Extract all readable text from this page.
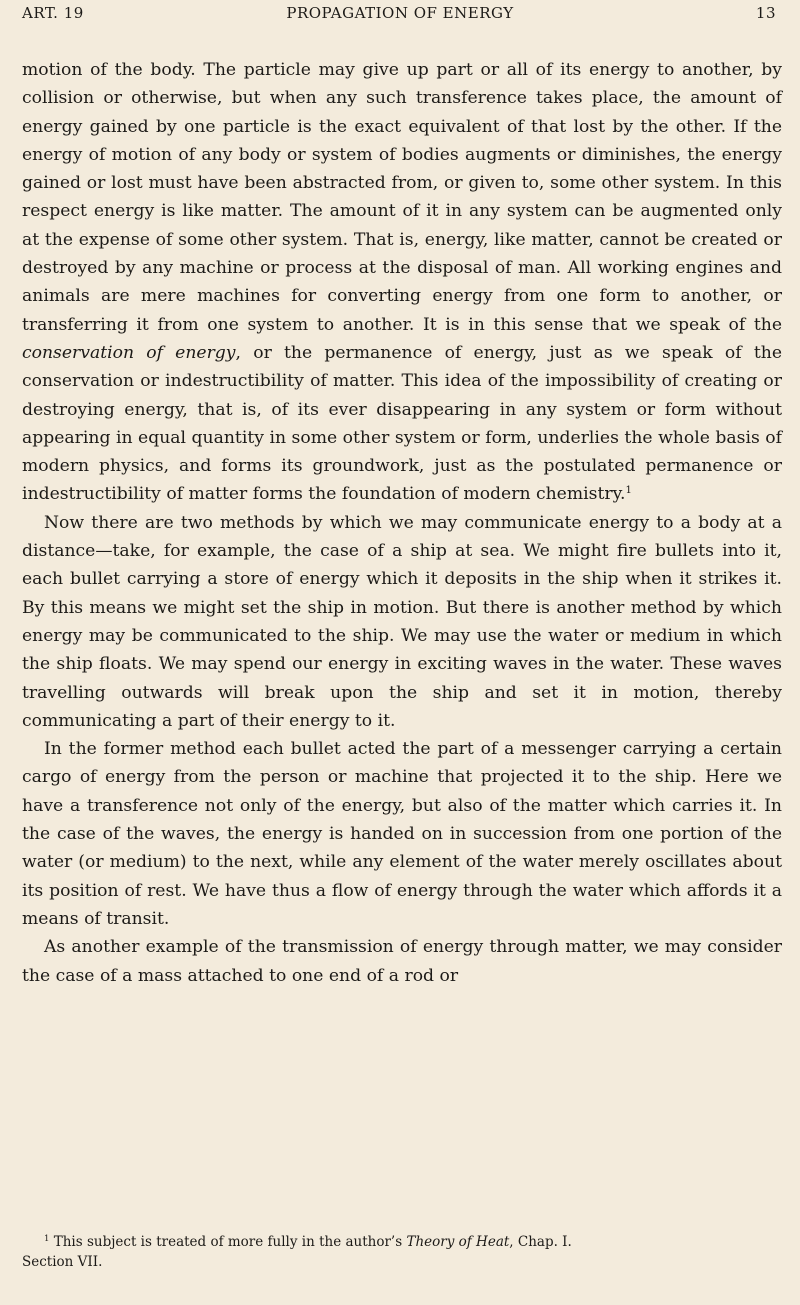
ART. 19	PROPAGATION OF ENERGY	13

motion of the body. The particle may give up part or all of its energy to another, by collision or otherwise, but when any such transference takes place, the amount of energy gained by one particle is the exact equivalent of that lost by the other. If the energy of motion of any body or system of bodies augments or diminishes, the energy gained or lost must have been abstracted from, or given to, some other system. In this respect energy is like matter. The amount of it in any system can be augmented only at the expense of some other system. That is, energy, like matter, cannot be created or destroyed by any machine or process at the disposal of man. All working engines and animals are mere machines for converting energy from one form to another, or transferring it from one system to another. It is in this sense that we speak of the conservation of energy, or the permanence of energy, just as we speak of the conservation or indestructibility of matter. This idea of the impossibility of creating or destroying energy, that is, of its ever disappearing in any system or form without appearing in equal quantity in some other system or form, underlies the whole basis of modern physics, and forms its groundwork, just as the postulated permanence or indestructibility of matter forms the foundation of modern chemistry.$^1$

Now there are two methods by which we may communicate energy to a body at a distance—take, for example, the case of a ship at sea. We might fire bullets into it, each bullet carrying a store of energy which it deposits in the ship when it strikes it. By this means we might set the ship in motion. But there is another method by which energy may be communicated to the ship. We may use the water or medium in which the ship floats. We may spend our energy in exciting waves in the water. These waves travelling outwards will break upon the ship and set it in motion, thereby communicating a part of their energy to it.

In the former method each bullet acted the part of a messenger carrying a certain cargo of energy from the person or machine that projected it to the ship. Here we have a transference not only of the energy, but also of the matter which carries it. In the case of the waves, the energy is handed on in succession from one portion of the water (or medium) to the next, while any element of the water merely oscillates about its position of rest. We have thus a flow of energy through the water which affords it a means of transit.

As another example of the transmission of energy through matter, we may consider the case of a mass attached to one end of a rod or

$^1$ This subject is treated of more fully in the author’s Theory of Heat, Chap. I.

Section VII.
